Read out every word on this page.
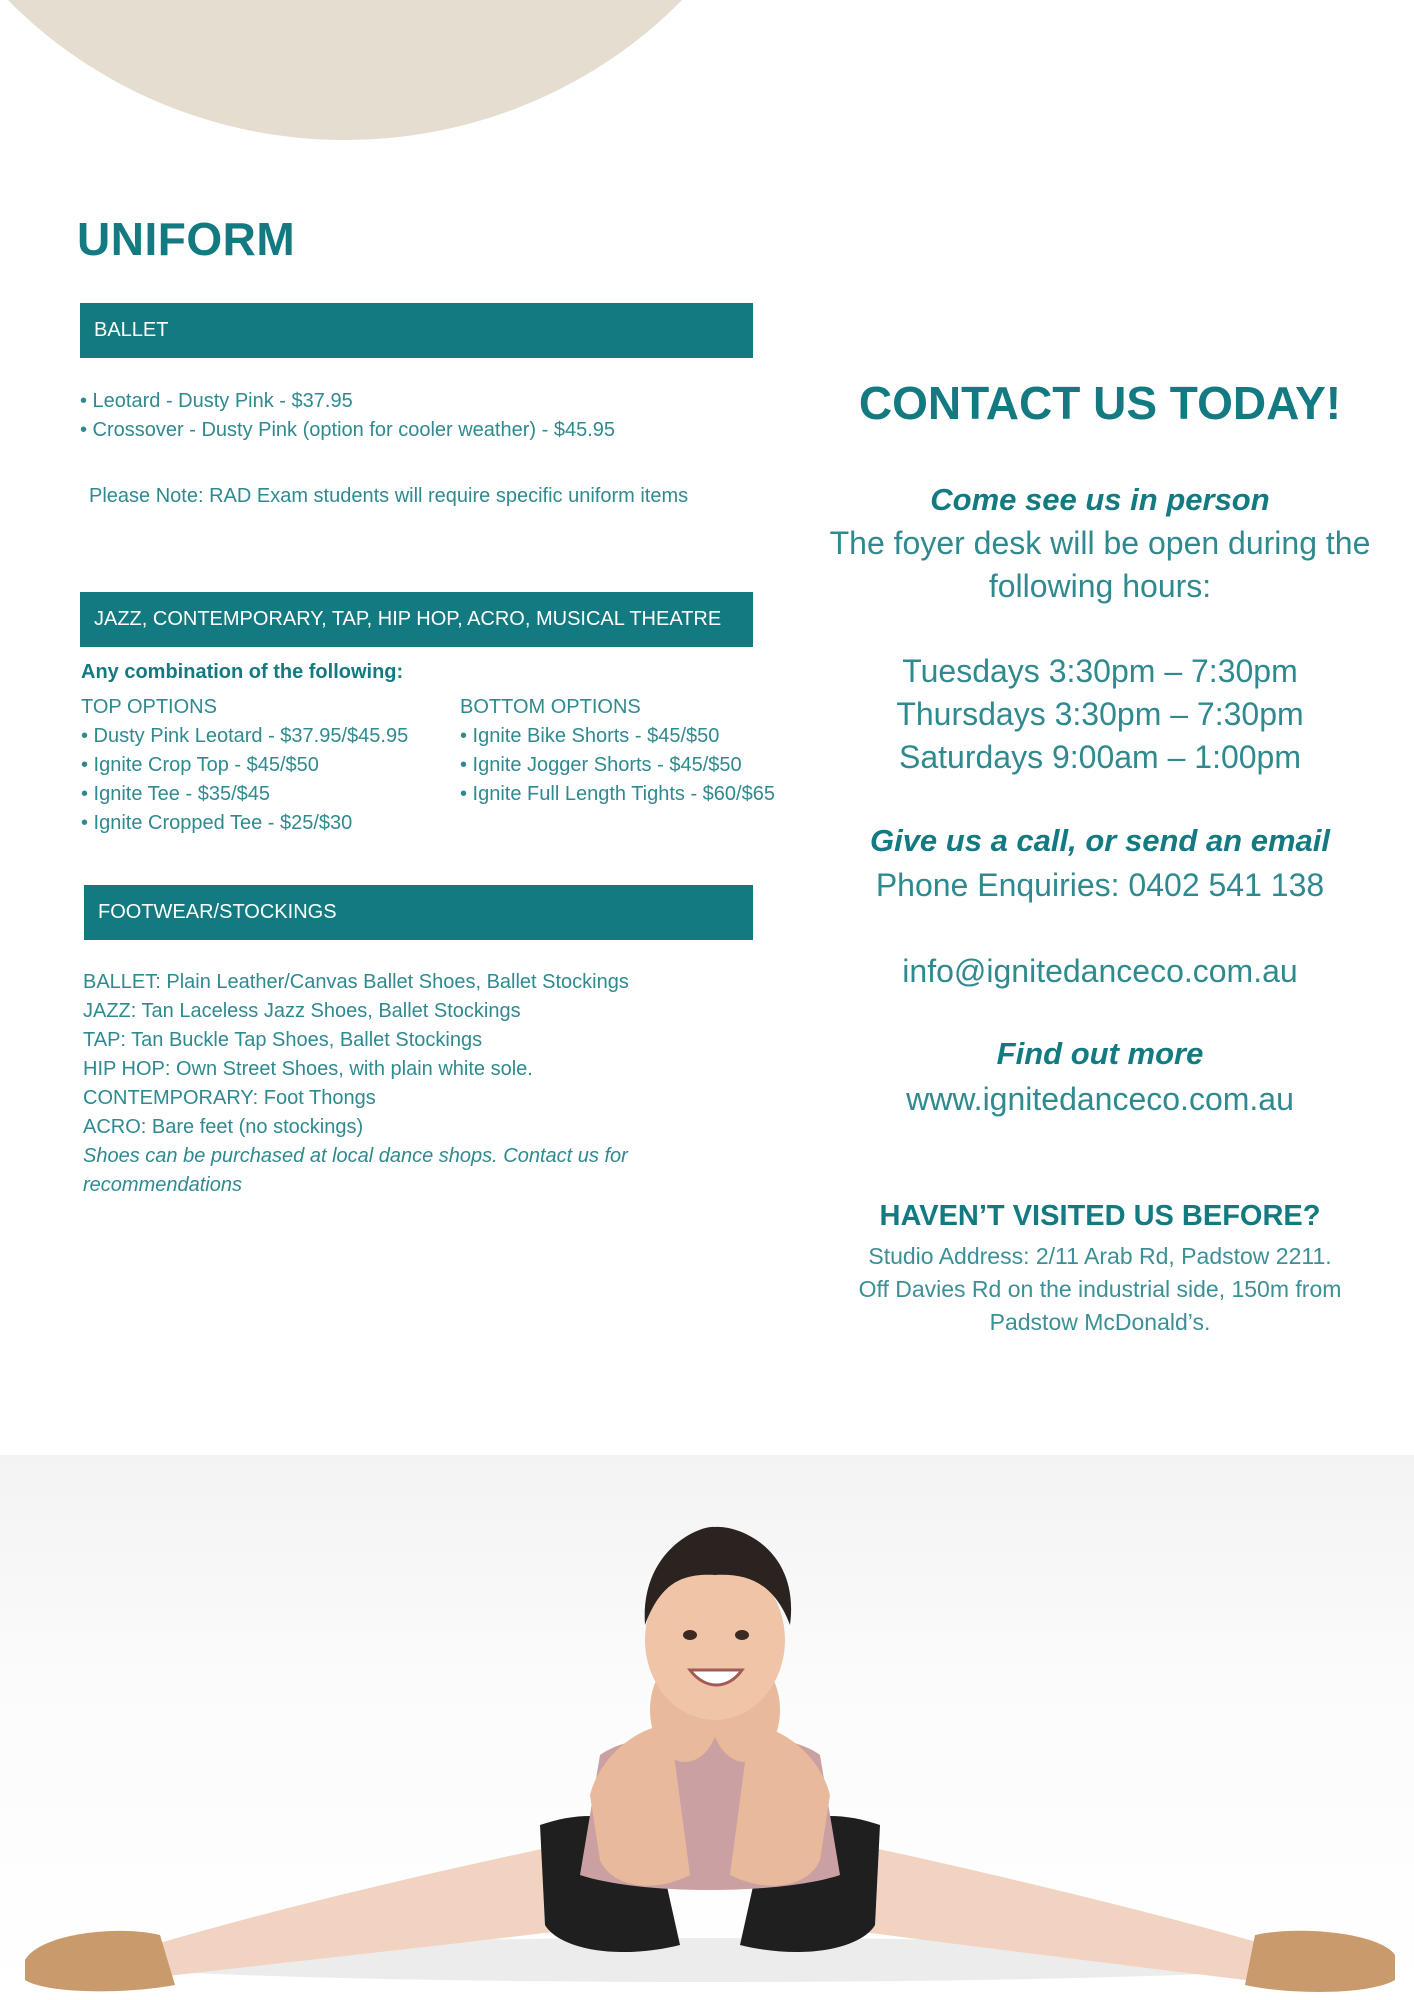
UNIFORM
BALLET
• Leotard - Dusty Pink - $37.95
• Crossover - Dusty Pink (option for cooler weather) - $45.95
Please Note: RAD Exam students will require specific uniform items
JAZZ, CONTEMPORARY, TAP, HIP HOP, ACRO, MUSICAL THEATRE
Any combination of the following:
TOP OPTIONS
• Dusty Pink Leotard - $37.95/$45.95
• Ignite Crop Top - $45/$50
• Ignite Tee - $35/$45
• Ignite Cropped Tee - $25/$30
BOTTOM OPTIONS
• Ignite Bike Shorts - $45/$50
• Ignite Jogger Shorts - $45/$50
• Ignite Full Length Tights - $60/$65
FOOTWEAR/STOCKINGS
BALLET: Plain Leather/Canvas Ballet Shoes, Ballet Stockings
JAZZ: Tan Laceless Jazz Shoes, Ballet Stockings
TAP: Tan Buckle Tap Shoes, Ballet Stockings
HIP HOP: Own Street Shoes, with plain white sole.
CONTEMPORARY: Foot Thongs
ACRO: Bare feet (no stockings)
Shoes can be purchased at local dance shops. Contact us for
recommendations
CONTACT US TODAY!
Come see us in person
The foyer desk will be open during the
following hours:
Tuesdays 3:30pm – 7:30pm
Thursdays 3:30pm – 7:30pm
Saturdays 9:00am – 1:00pm
Give us a call, or send an email
Phone Enquiries: 0402 541 138
info@ignitedanceco.com.au
Find out more
www.ignitedanceco.com.au
HAVEN’T VISITED US BEFORE?
Studio Address: 2/11 Arab Rd, Padstow 2211.
Off Davies Rd on the industrial side, 150m from
Padstow McDonald’s.
